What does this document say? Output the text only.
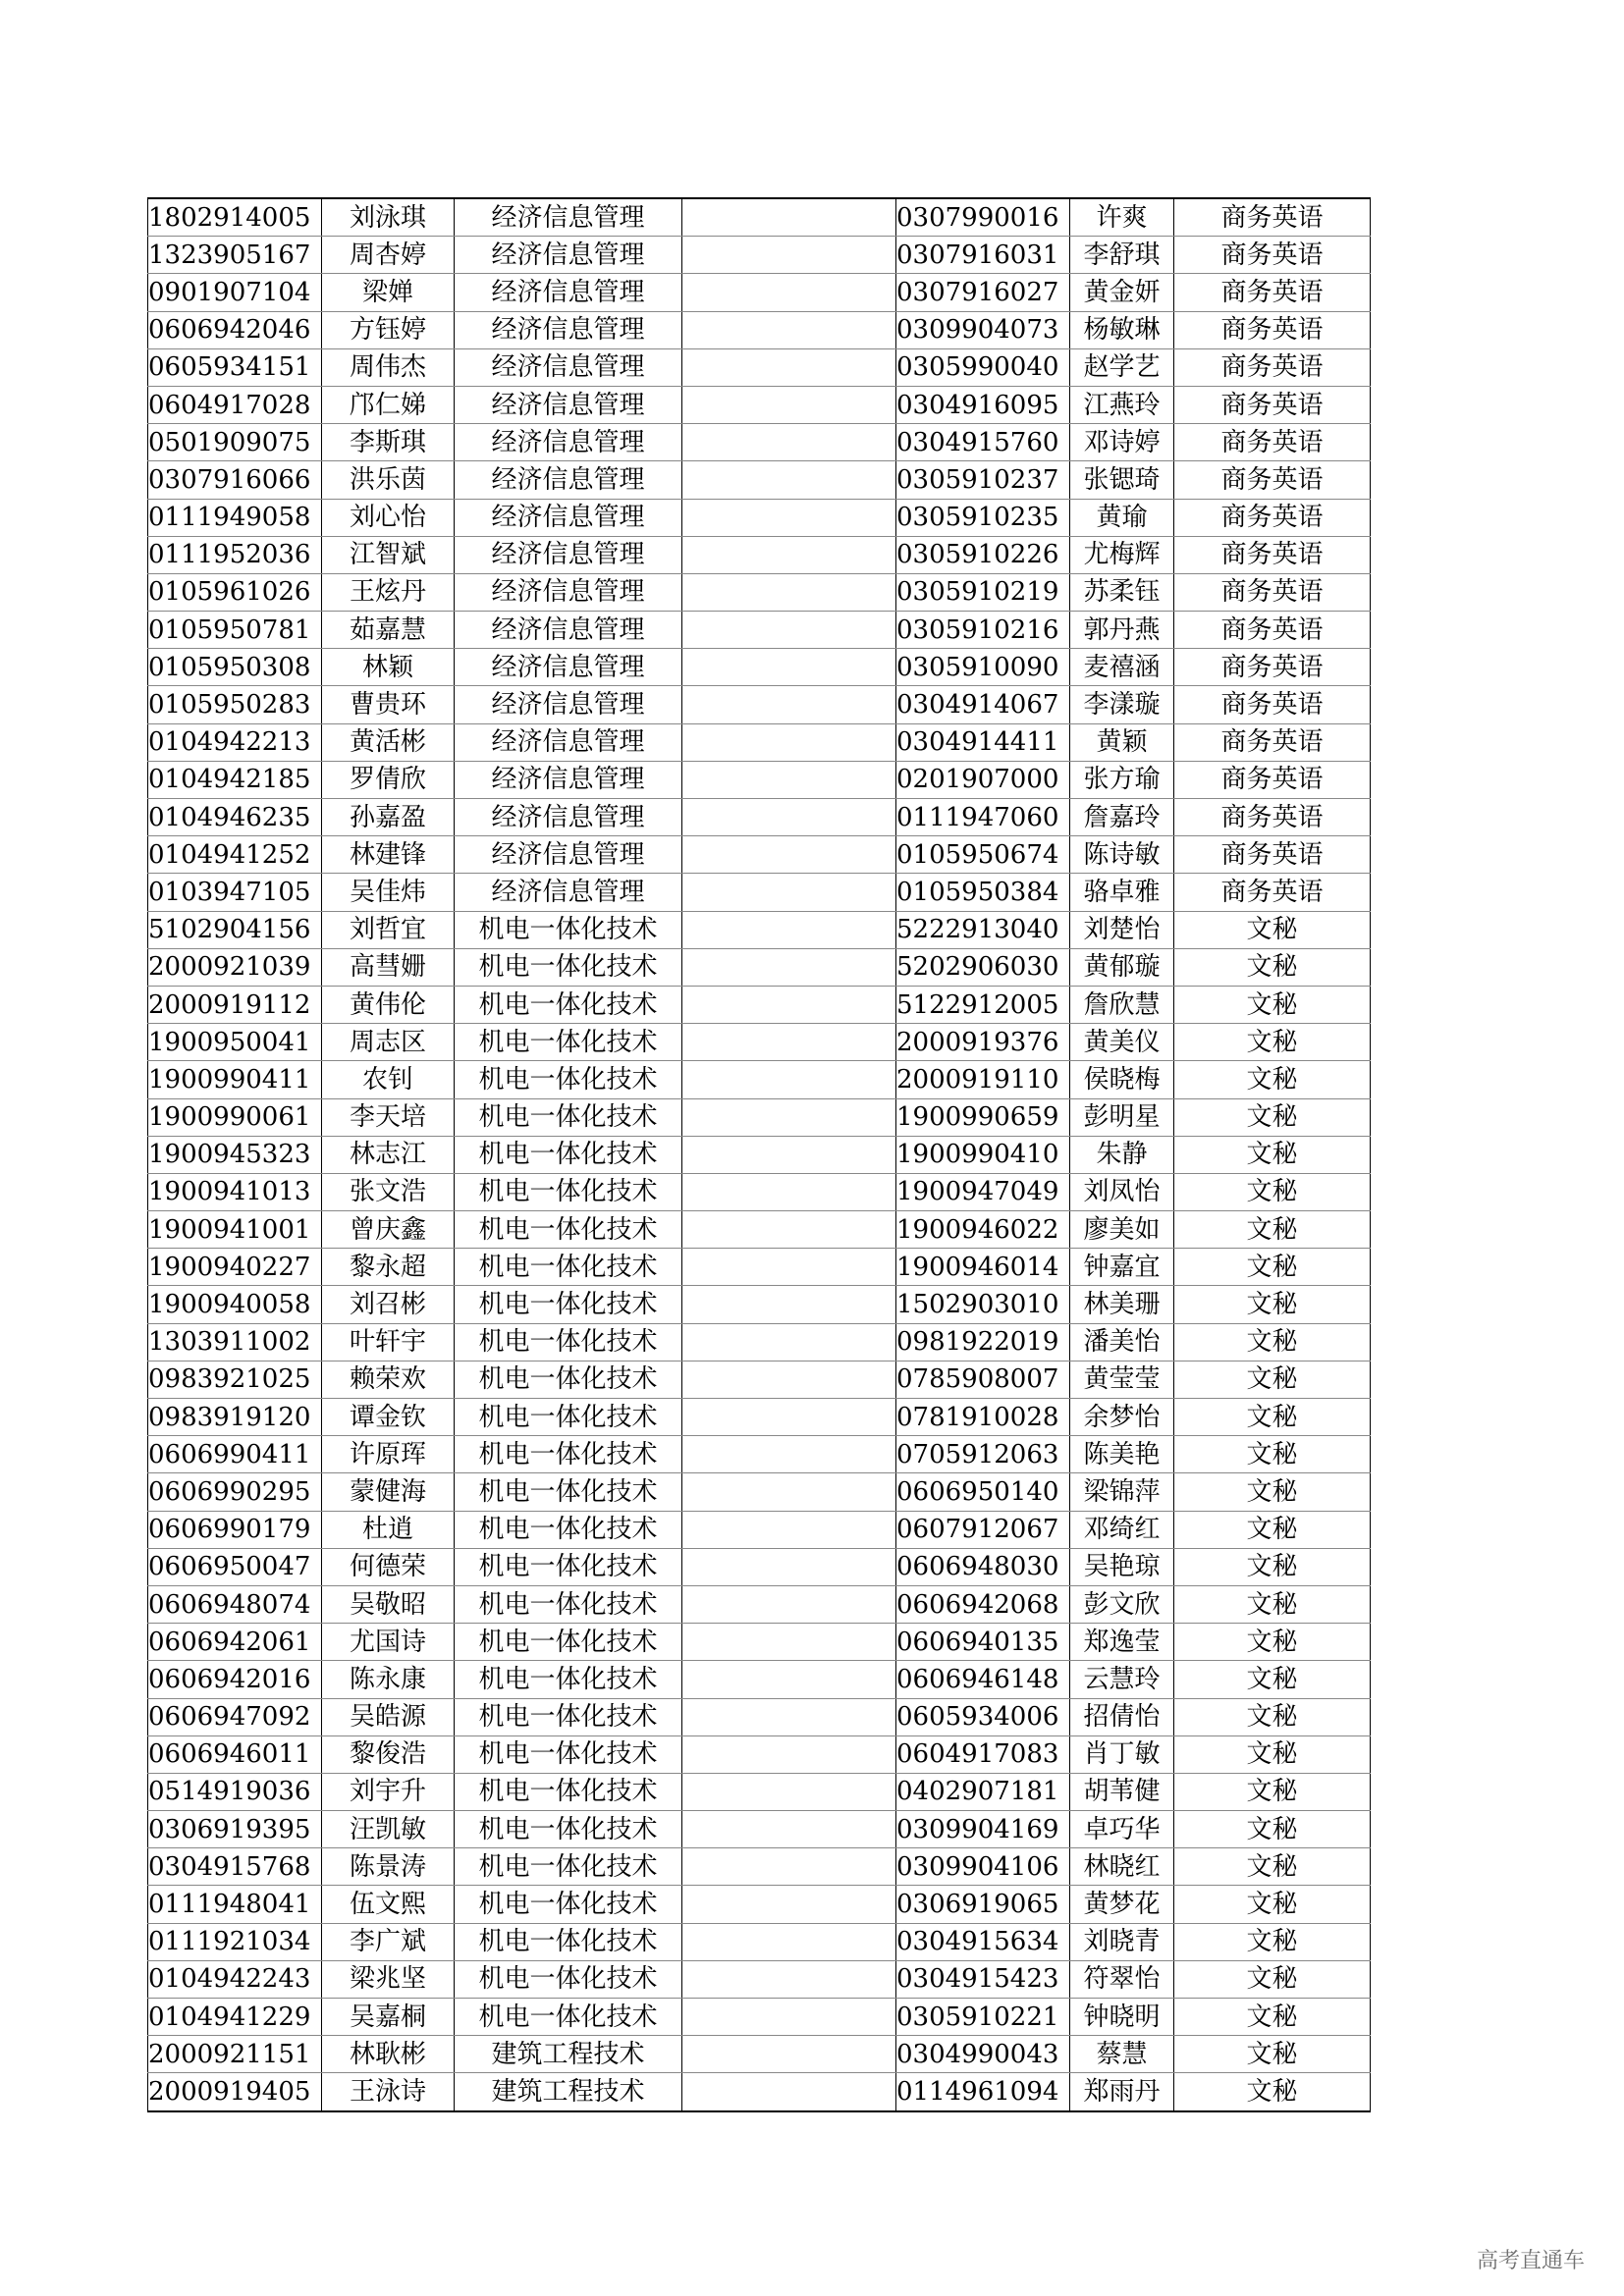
1802914005	刘泳琪	经济信息管理		0307990016	许爽	商务英语
1323905167	周杏婷	经济信息管理		0307916031	李舒琪	商务英语
0901907104	梁婵	经济信息管理		0307916027	黄金妍	商务英语
0606942046	方钰婷	经济信息管理		0309904073	杨敏琳	商务英语
0605934151	周伟杰	经济信息管理		0305990040	赵学艺	商务英语
0604917028	邝仁娣	经济信息管理		0304916095	江燕玲	商务英语
0501909075	李斯琪	经济信息管理		0304915760	邓诗婷	商务英语
0307916066	洪乐茵	经济信息管理		0305910237	张锶琦	商务英语
0111949058	刘心怡	经济信息管理		0305910235	黄瑜	商务英语
0111952036	江智斌	经济信息管理		0305910226	尤梅辉	商务英语
0105961026	王炫丹	经济信息管理		0305910219	苏柔钰	商务英语
0105950781	茹嘉慧	经济信息管理		0305910216	郭丹燕	商务英语
0105950308	林颖	经济信息管理		0305910090	麦禧涵	商务英语
0105950283	曹贵环	经济信息管理		0304914067	李漾璇	商务英语
0104942213	黄活彬	经济信息管理		0304914411	黄颖	商务英语
0104942185	罗倩欣	经济信息管理		0201907000	张方瑜	商务英语
0104946235	孙嘉盈	经济信息管理		0111947060	詹嘉玲	商务英语
0104941252	林建锋	经济信息管理		0105950674	陈诗敏	商务英语
0103947105	吴佳炜	经济信息管理		0105950384	骆卓雅	商务英语
5102904156	刘哲宜	机电一体化技术		5222913040	刘楚怡	文秘
2000921039	高彗姗	机电一体化技术		5202906030	黄郁璇	文秘
2000919112	黄伟伦	机电一体化技术		5122912005	詹欣慧	文秘
1900950041	周志区	机电一体化技术		2000919376	黄美仪	文秘
1900990411	农钊	机电一体化技术		2000919110	侯晓梅	文秘
1900990061	李天培	机电一体化技术		1900990659	彭明星	文秘
1900945323	林志江	机电一体化技术		1900990410	朱静	文秘
1900941013	张文浩	机电一体化技术		1900947049	刘凤怡	文秘
1900941001	曾庆鑫	机电一体化技术		1900946022	廖美如	文秘
1900940227	黎永超	机电一体化技术		1900946014	钟嘉宜	文秘
1900940058	刘召彬	机电一体化技术		1502903010	林美珊	文秘
1303911002	叶轩宇	机电一体化技术		0981922019	潘美怡	文秘
0983921025	赖荣欢	机电一体化技术		0785908007	黄莹莹	文秘
0983919120	谭金钦	机电一体化技术		0781910028	余梦怡	文秘
0606990411	许原珲	机电一体化技术		0705912063	陈美艳	文秘
0606990295	蒙健海	机电一体化技术		0606950140	梁锦萍	文秘
0606990179	杜逍	机电一体化技术		0607912067	邓绮红	文秘
0606950047	何德荣	机电一体化技术		0606948030	吴艳琼	文秘
0606948074	吴敬昭	机电一体化技术		0606942068	彭文欣	文秘
0606942061	尤国诗	机电一体化技术		0606940135	郑逸莹	文秘
0606942016	陈永康	机电一体化技术		0606946148	云慧玲	文秘
0606947092	吴皓源	机电一体化技术		0605934006	招倩怡	文秘
0606946011	黎俊浩	机电一体化技术		0604917083	肖丁敏	文秘
0514919036	刘宇升	机电一体化技术		0402907181	胡苇健	文秘
0306919395	汪凯敏	机电一体化技术		0309904169	卓巧华	文秘
0304915768	陈景涛	机电一体化技术		0309904106	林晓红	文秘
0111948041	伍文熙	机电一体化技术		0306919065	黄梦花	文秘
0111921034	李广斌	机电一体化技术		0304915634	刘晓青	文秘
0104942243	梁兆坚	机电一体化技术		0304915423	符翠怡	文秘
0104941229	吴嘉桐	机电一体化技术		0305910221	钟晓明	文秘
2000921151	林耿彬	建筑工程技术		0304990043	蔡慧	文秘
2000919405	王泳诗	建筑工程技术		0114961094	郑雨丹	文秘
高考直通车
